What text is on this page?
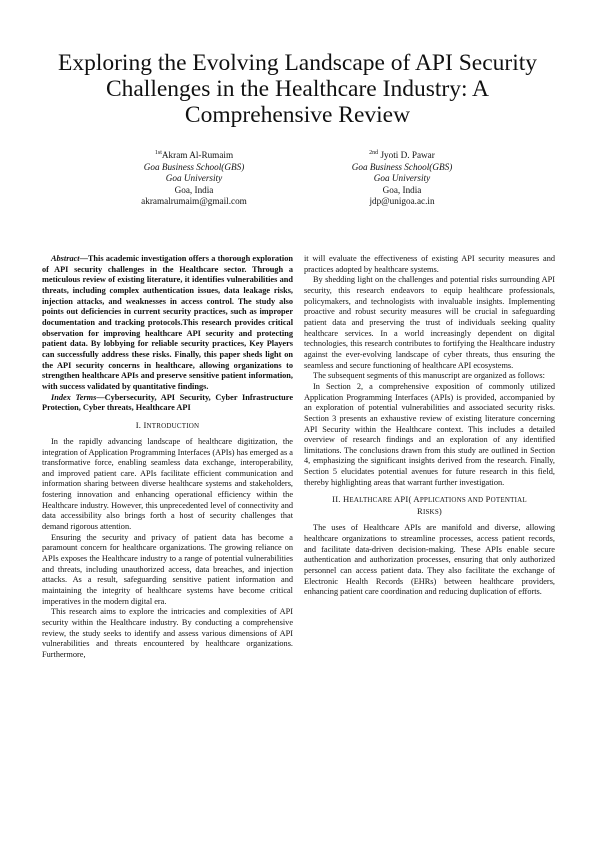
Exploring the Evolving Landscape of API Security Challenges in the Healthcare Industry: A Comprehensive Review
$^{1st}$Akram Al-Rumaim
Goa Business School(GBS)
Goa University
Goa, India
akramalrumaim@gmail.com
$^{2nd}$ Jyoti D. Pawar
Goa Business School(GBS)
Goa University
Goa, India
jdp@unigoa.ac.in

Abstract—This academic investigation offers a thorough exploration of API security challenges in the Healthcare sector. Through a meticulous review of existing literature, it identifies vulnerabilities and threats, including complex authentication issues, data leakage risks, injection attacks, and weaknesses in access control. The study also points out deficiencies in current security practices, such as improper documentation and tracking protocols.This research provides critical observation for improving healthcare API security and protecting patient data. By lobbying for reliable security practices, Key Players can successfully address these risks. Finally, this paper sheds light on the API security concerns in healthcare, allowing organizations to strengthen healthcare APIs and preserve sensitive patient information, with success validated by quantitative findings.

Index Terms—Cybersecurity, API Security, Cyber Infrastructure Protection, Cyber threats, Healthcare API

I. INTRODUCTION

In the rapidly advancing landscape of healthcare digitization, the integration of Application Programming Interfaces (APIs) has emerged as a transformative force, enabling seamless data exchange, interoperability, and improved patient care. APIs facilitate efficient communication and information sharing between diverse healthcare systems and stakeholders, fostering innovation and enhancing operational efficiency within the Healthcare industry. However, this unprecedented level of connectivity and data accessibility also brings forth a host of security challenges that demand rigorous attention.

Ensuring the security and privacy of patient data has become a paramount concern for healthcare organizations. The growing reliance on APIs exposes the Healthcare industry to a range of potential vulnerabilities and threats, including unauthorized access, data breaches, and injection attacks. As a result, safeguarding sensitive patient information and maintaining the integrity of healthcare systems have become critical imperatives in the modern digital era.

This research aims to explore the intricacies and complexities of API security within the Healthcare industry. By conducting a comprehensive review, the study seeks to identify and assess various dimensions of API vulnerabilities and threats encountered by healthcare organizations. Furthermore,

it will evaluate the effectiveness of existing API security measures and practices adopted by healthcare systems.

By shedding light on the challenges and potential risks surrounding API security, this research endeavors to equip healthcare professionals, policymakers, and technologists with invaluable insights. Implementing proactive and robust security measures will be crucial in safeguarding patient data and preserving the trust of individuals seeking quality healthcare services. In a world increasingly dependent on digital technologies, this research contributes to fortifying the Healthcare industry against the ever-evolving landscape of cyber threats, thus ensuring the seamless and secure functioning of healthcare API ecosystems.

The subsequent segments of this manuscript are organized as follows:

In Section 2, a comprehensive exposition of commonly utilized Application Programming Interfaces (APIs) is provided, accompanied by an exploration of potential vulnerabilities and associated security risks. Section 3 presents an exhaustive review of existing literature concerning API Security within the Healthcare context. This includes a detailed overview of research findings and an exploration of any identified limitations. The conclusions drawn from this study are outlined in Section 4, emphasizing the significant insights derived from the research. Finally, Section 5 elucidates potential avenues for future research in this field, thereby highlighting areas that warrant further investigation.

II. HEALTHCARE API( APPLICATIONS AND POTENTIAL
RISKS)

The uses of Healthcare APIs are manifold and diverse, allowing healthcare organizations to streamline processes, access patient records, and facilitate data-driven decision-making. These APIs enable secure authentication and authorization processes, ensuring that only authorized personnel can access patient data. They also facilitate the exchange of Electronic Health Records (EHRs) between healthcare providers, enhancing patient care coordination and reducing duplication of efforts.
